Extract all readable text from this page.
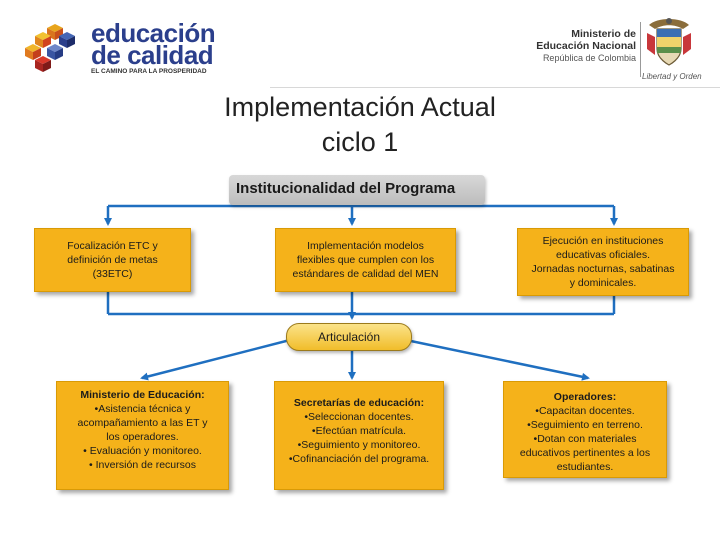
educación
de calidad
EL CAMINO PARA LA PROSPERIDAD
Ministerio de
Educación Nacional
República de Colombia
Libertad y Orden
Implementación Actual
ciclo 1
Institucionalidad del Programa
Focalización ETC y
definición de metas
(33ETC)
Implementación modelos
flexibles que cumplen con los
estándares de calidad del MEN
Ejecución en instituciones
educativas oficiales.
Jornadas nocturnas, sabatinas
y dominicales.
Articulación
Ministerio de Educación:
•Asistencia técnica y
acompañamiento a las ET y
los operadores.
• Evaluación y monitoreo.
• Inversión de recursos
Secretarías de educación:
•Seleccionan docentes.
•Efectúan matrícula.
•Seguimiento y monitoreo.
•Cofinanciación del programa.
Operadores:
•Capacitan docentes.
•Seguimiento en terreno.
•Dotan con materiales
educativos pertinentes a los
estudiantes.
